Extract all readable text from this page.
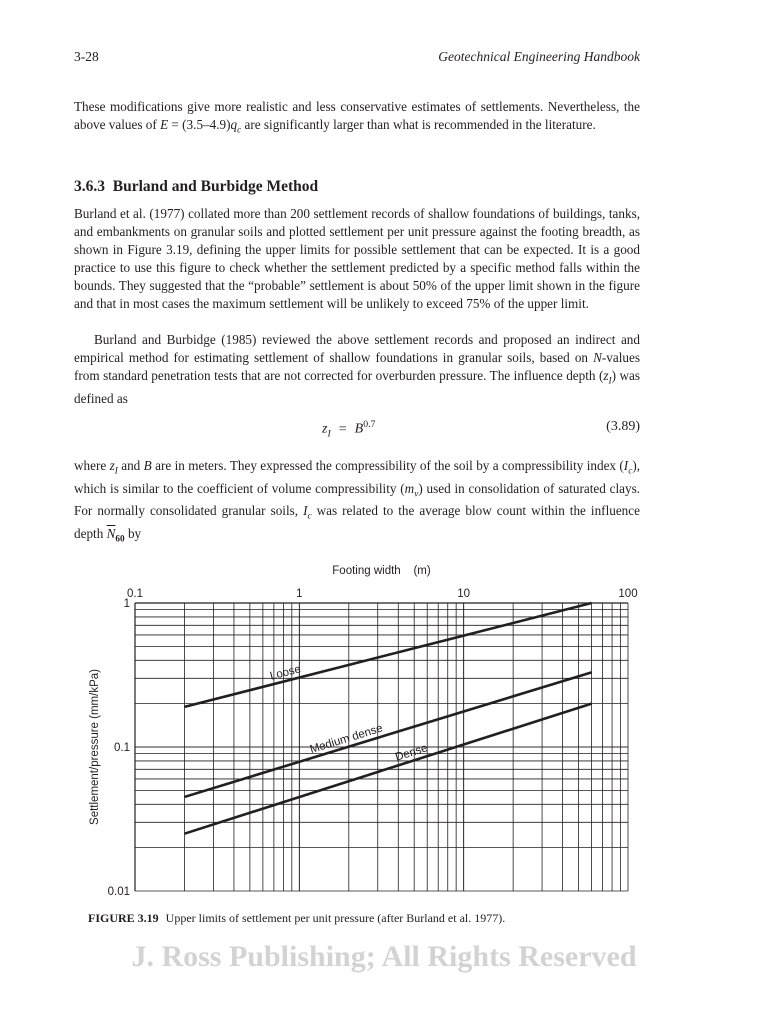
3-28	Geotechnical Engineering Handbook

These modifications give more realistic and less conservative estimates of settlements. Nevertheless, the above values of $E = (3.5-4.9)q_c$ are significantly larger than what is recommended in the literature.

3.6.3 Burland and Burbidge Method

Burland et al. (1977) collated more than 200 settlement records of shallow foundations of buildings, tanks, and embankments on granular soils and plotted settlement per unit pressure against the footing breadth, as shown in Figure 3.19, defining the upper limits for possible settlement that can be expected. It is a good practice to use this figure to check whether the settlement predicted by a specific method falls within the bounds. They suggested that the “probable” settlement is about 50% of the upper limit shown in the figure and that in most cases the maximum settlement will be unlikely to exceed 75% of the upper limit.

Burland and Burbidge (1985) reviewed the above settlement records and proposed an indirect and empirical method for estimating settlement of shallow foundations in granular soils, based on N-values from standard penetration tests that are not corrected for overburden pressure. The influence depth $(z_I)$ was defined as

$z_I = B^{0.7}$	(3.89)

where $z_I$ and B are in meters. They expressed the compressibility of the soil by a compressibility index $(I_c)$, which is similar to the coefficient of volume compressibility $(m_v)$ used in consolidation of saturated clays. For normally consolidated granular soils, $I_c$ was related to the average blow count within the influence depth $\overline{N}_{60}$ by

0.1	1	10	100
0.01
0.1
1
Footing width    (m)
Settlement/pressure (mm/kPa)	Loose
Medium dense Dense
FIGURE 3.19 Upper limits of settlement per unit pressure (after Burland et al. 1977).
J. Ross Publishing; All Rights Reserved
